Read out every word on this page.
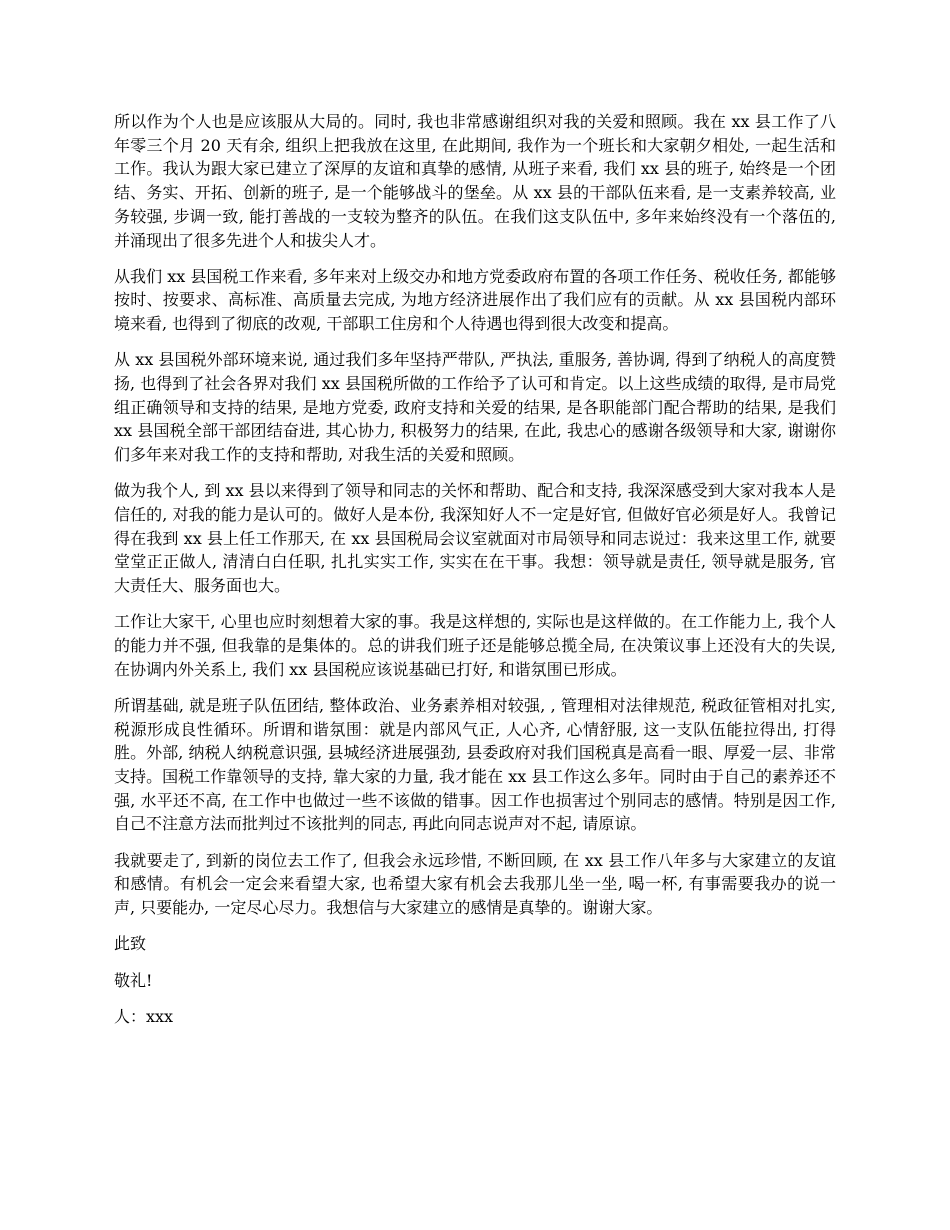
所以作为个人也是应该服从大局的。同时, 我也非常感谢组织对我的关爱和照顾。我在 xx 县工作了八年零三个月 20 天有余, 组织上把我放在这里, 在此期间, 我作为一个班长和大家朝夕相处, 一起生活和工作。我认为跟大家已建立了深厚的友谊和真挚的感情, 从班子来看, 我们 xx 县的班子, 始终是一个团结、务实、开拓、创新的班子, 是一个能够战斗的堡垒。从 xx 县的干部队伍来看, 是一支素养较高, 业务较强, 步调一致, 能打善战的一支较为整齐的队伍。在我们这支队伍中, 多年来始终没有一个落伍的, 并涌现出了很多先进个人和拔尖人才。

从我们 xx 县国税工作来看, 多年来对上级交办和地方党委政府布置的各项工作任务、税收任务, 都能够按时、按要求、高标准、高质量去完成, 为地方经济进展作出了我们应有的贡献。从 xx 县国税内部环境来看, 也得到了彻底的改观, 干部职工住房和个人待遇也得到很大改变和提高。

从 xx 县国税外部环境来说, 通过我们多年坚持严带队, 严执法, 重服务, 善协调, 得到了纳税人的高度赞扬, 也得到了社会各界对我们 xx 县国税所做的工作给予了认可和肯定。以上这些成绩的取得, 是市局党组正确领导和支持的结果, 是地方党委, 政府支持和关爱的结果, 是各职能部门配合帮助的结果, 是我们 xx 县国税全部干部团结奋进, 其心协力, 积极努力的结果, 在此, 我忠心的感谢各级领导和大家, 谢谢你们多年来对我工作的支持和帮助, 对我生活的关爱和照顾。

做为我个人, 到 xx 县以来得到了领导和同志的关怀和帮助、配合和支持, 我深深感受到大家对我本人是信任的, 对我的能力是认可的。做好人是本份, 我深知好人不一定是好官, 但做好官必须是好人。我曾记得在我到 xx 县上任工作那天, 在 xx 县国税局会议室就面对市局领导和同志说过：我来这里工作, 就要堂堂正正做人, 清清白白任职, 扎扎实实工作, 实实在在干事。我想：领导就是责任, 领导就是服务, 官大责任大、服务面也大。

工作让大家干, 心里也应时刻想着大家的事。我是这样想的, 实际也是这样做的。在工作能力上, 我个人的能力并不强, 但我靠的是集体的。总的讲我们班子还是能够总揽全局, 在决策议事上还没有大的失误, 在协调内外关系上, 我们 xx 县国税应该说基础已打好, 和谐氛围已形成。

所谓基础, 就是班子队伍团结, 整体政治、业务素养相对较强, , 管理相对法律规范, 税政征管相对扎实, 税源形成良性循环。所谓和谐氛围：就是内部风气正, 人心齐, 心情舒服, 这一支队伍能拉得出, 打得胜。外部, 纳税人纳税意识强, 县城经济进展强劲, 县委政府对我们国税真是高看一眼、厚爱一层、非常支持。国税工作靠领导的支持, 靠大家的力量, 我才能在 xx 县工作这么多年。同时由于自己的素养还不强, 水平还不高, 在工作中也做过一些不该做的错事。因工作也损害过个别同志的感情。特别是因工作, 自己不注意方法而批判过不该批判的同志, 再此向同志说声对不起, 请原谅。

我就要走了, 到新的岗位去工作了, 但我会永远珍惜, 不断回顾, 在 xx 县工作八年多与大家建立的友谊和感情。有机会一定会来看望大家, 也希望大家有机会去我那儿坐一坐, 喝一杯, 有事需要我办的说一声, 只要能办, 一定尽心尽力。我想信与大家建立的感情是真挚的。谢谢大家。

此致

敬礼!

人：xxx
